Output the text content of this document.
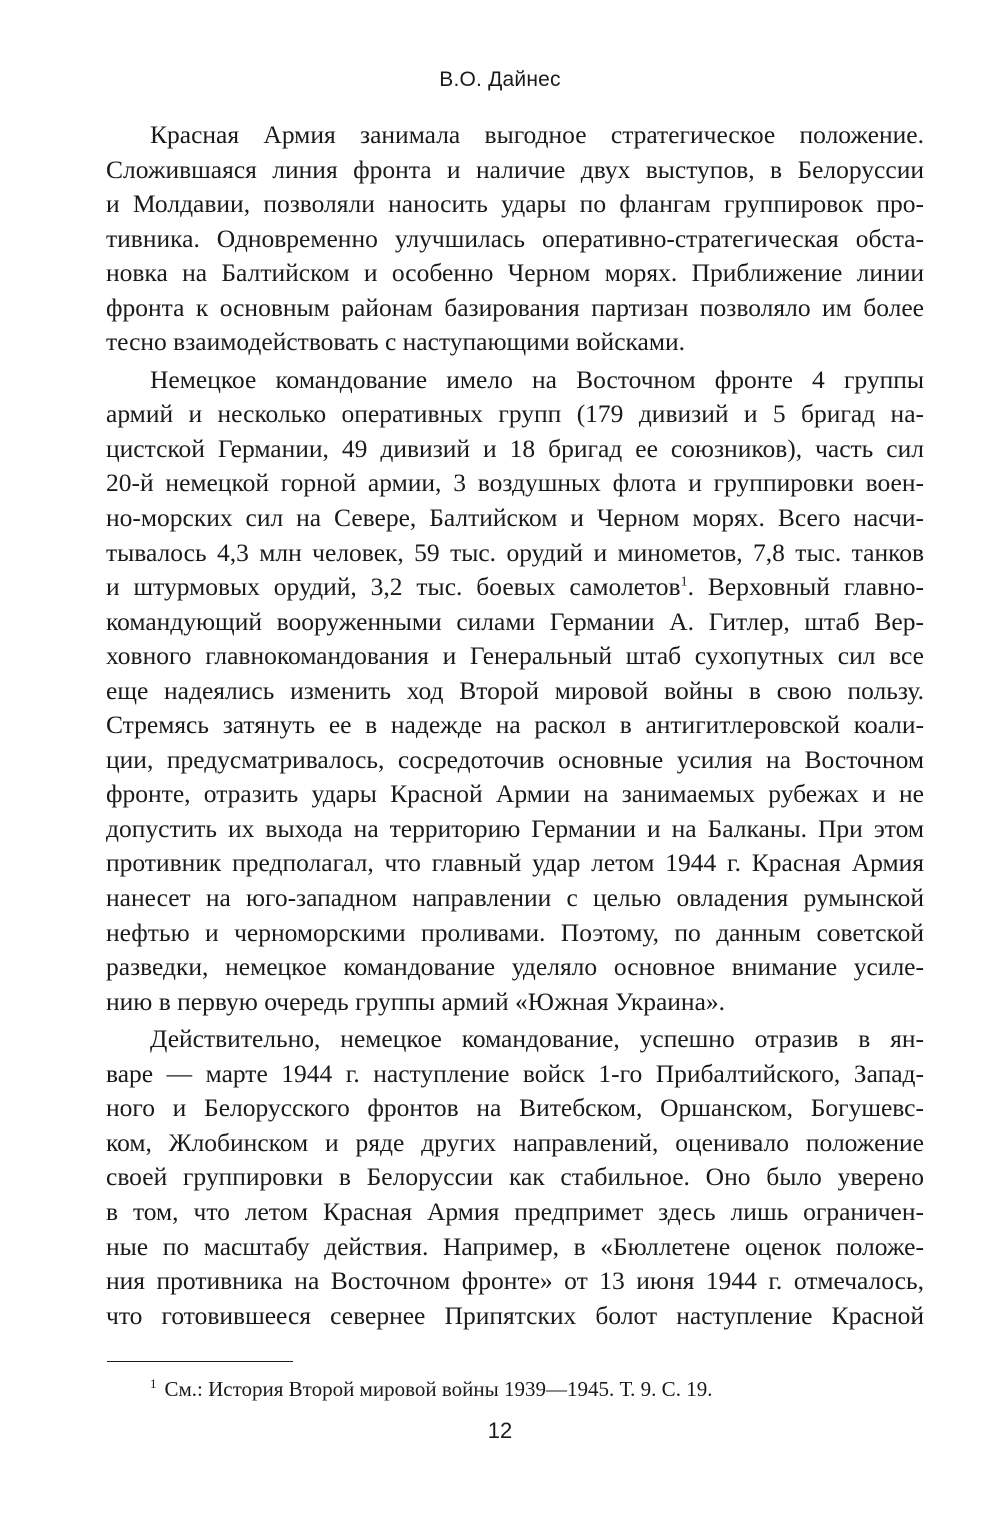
В.О. Дайнес
Красная Армия занимала выгодное стратегическое положение.
Сложившаяся линия фронта и наличие двух выступов, в Белоруссии
и Молдавии, позволяли наносить удары по флангам группировок про-
тивника. Одновременно улучшилась оперативно-стратегическая обста-
новка на Балтийском и особенно Черном морях. Приближение линии
фронта к основным районам базирования партизан позволяло им более
тесно взаимодействовать с наступающими войсками.
Немецкое командование имело на Восточном фронте 4 группы
армий и несколько оперативных групп (179 дивизий и 5 бригад на-
цистской Германии, 49 дивизий и 18 бригад ее союзников), часть сил
20-й немецкой горной армии, 3 воздушных флота и группировки воен-
но-морских сил на Севере, Балтийском и Черном морях. Всего насчи-
тывалось 4,3 млн человек, 59 тыс. орудий и минометов, 7,8 тыс. танков
и штурмовых орудий, 3,2 тыс. боевых самолетов$^1$. Верховный главно-
командующий вооруженными силами Германии А. Гитлер, штаб Вер-
ховного главнокомандования и Генеральный штаб сухопутных сил все
еще надеялись изменить ход Второй мировой войны в свою пользу.
Стремясь затянуть ее в надежде на раскол в антигитлеровской коали-
ции, предусматривалось, сосредоточив основные усилия на Восточном
фронте, отразить удары Красной Армии на занимаемых рубежах и не
допустить их выхода на территорию Германии и на Балканы. При этом
противник предполагал, что главный удар летом 1944 г. Красная Армия
нанесет на юго-западном направлении с целью овладения румынской
нефтью и черноморскими проливами. Поэтому, по данным советской
разведки, немецкое командование уделяло основное внимание усиле-
нию в первую очередь группы армий «Южная Украина».
Действительно, немецкое командование, успешно отразив в ян-
варе — марте 1944 г. наступление войск 1-го Прибалтийского, Запад-
ного и Белорусского фронтов на Витебском, Оршанском, Богушевс-
ком, Жлобинском и ряде других направлений, оценивало положение
своей группировки в Белоруссии как стабильное. Оно было уверено
в том, что летом Красная Армия предпримет здесь лишь ограничен-
ные по масштабу действия. Например, в «Бюллетене оценок положе-
ния противника на Восточном фронте» от 13 июня 1944 г. отмечалось,
что готовившееся севернее Припятских болот наступление Красной
$^1$ См.: История Второй мировой войны 1939—1945. Т. 9. С. 19.
12
